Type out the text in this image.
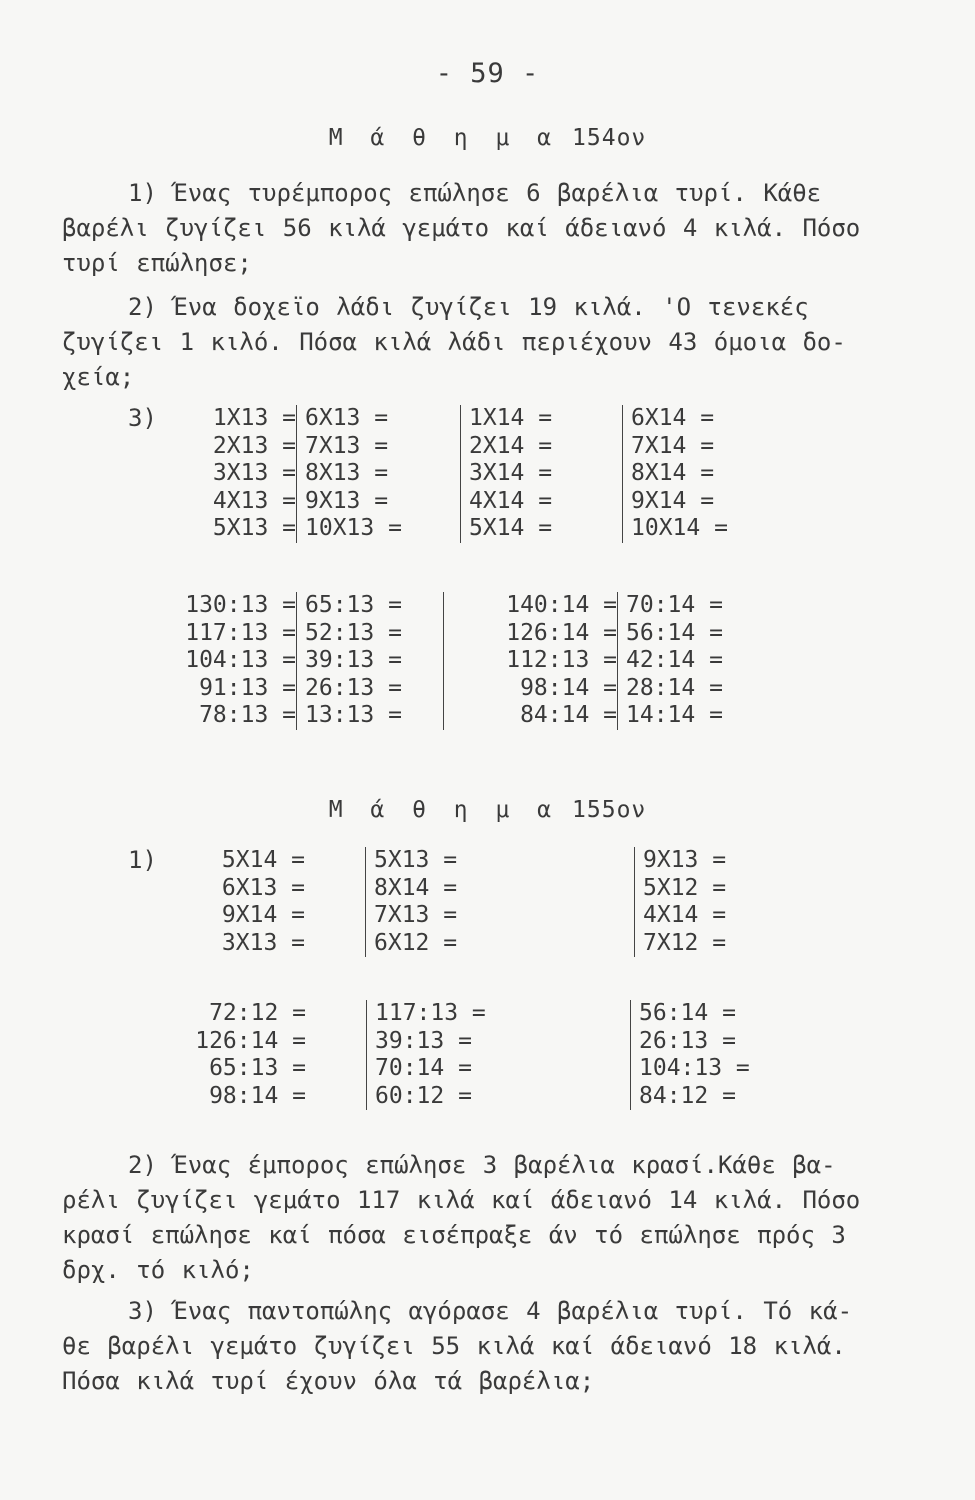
- 59 -
Μ ά θ η μ α 154ον
1) Ένας τυρέμπορος επώλησε 6 βαρέλια τυρί. Κάθε
βαρέλι ζυγίζει 56 κιλά γεμάτο καί άδειανό 4 κιλά. Πόσο
τυρί επώλησε;
2) Ένα δοχεϊο λάδι ζυγίζει 19 κιλά. 'Ο τενεκές
ζυγίζει 1 κιλό. Πόσα κιλά λάδι περιέχουν 43 όμοια δο-
χεία;
3)	1Χ13 =
2Χ13 =
3Χ13 =
4Χ13 =
5Χ13 =
6Χ13 =
7Χ13 =
8Χ13 =
9Χ13 =
10Χ13 =
1Χ14 =
2Χ14 =
3Χ14 =
4Χ14 =
5Χ14 =
6Χ14 =
7Χ14 =
8Χ14 =
9Χ14 =
10Χ14 =
130:13 =
117:13 =
104:13 =
91:13 =
78:13 =
65:13 =
52:13 =
39:13 =
26:13 =
13:13 =
140:14 =
126:14 =
112:13 =
98:14 =
84:14 =
70:14 =
56:14 =
42:14 =
28:14 =
14:14 =
Μ ά θ η μ α 155ον
1)	5Χ14 =
6Χ13 =
9Χ14 =
3Χ13 =
5Χ13 =
8Χ14 =
7Χ13 =
6Χ12 =
9Χ13 =
5Χ12 =
4Χ14 =
7Χ12 =
72:12 =
126:14 =
65:13 =
98:14 =
117:13 =
39:13 =
70:14 =
60:12 =
56:14 =
26:13 =
104:13 =
84:12 =
2) Ένας έμπορος επώλησε 3 βαρέλια κρασί.Κάθε βα-
ρέλι ζυγίζει γεμάτο 117 κιλά καί άδειανό 14 κιλά. Πόσο
κρασί επώλησε καί πόσα εισέπραξε άν τό επώλησε πρός 3
δρχ. τό κιλό;
3) Ένας παντοπώλης αγόρασε 4 βαρέλια τυρί. Τό κά-
θε βαρέλι γεμάτο ζυγίζει 55 κιλά καί άδειανό 18 κιλά.
Πόσα κιλά τυρί έχουν όλα τά βαρέλια;
